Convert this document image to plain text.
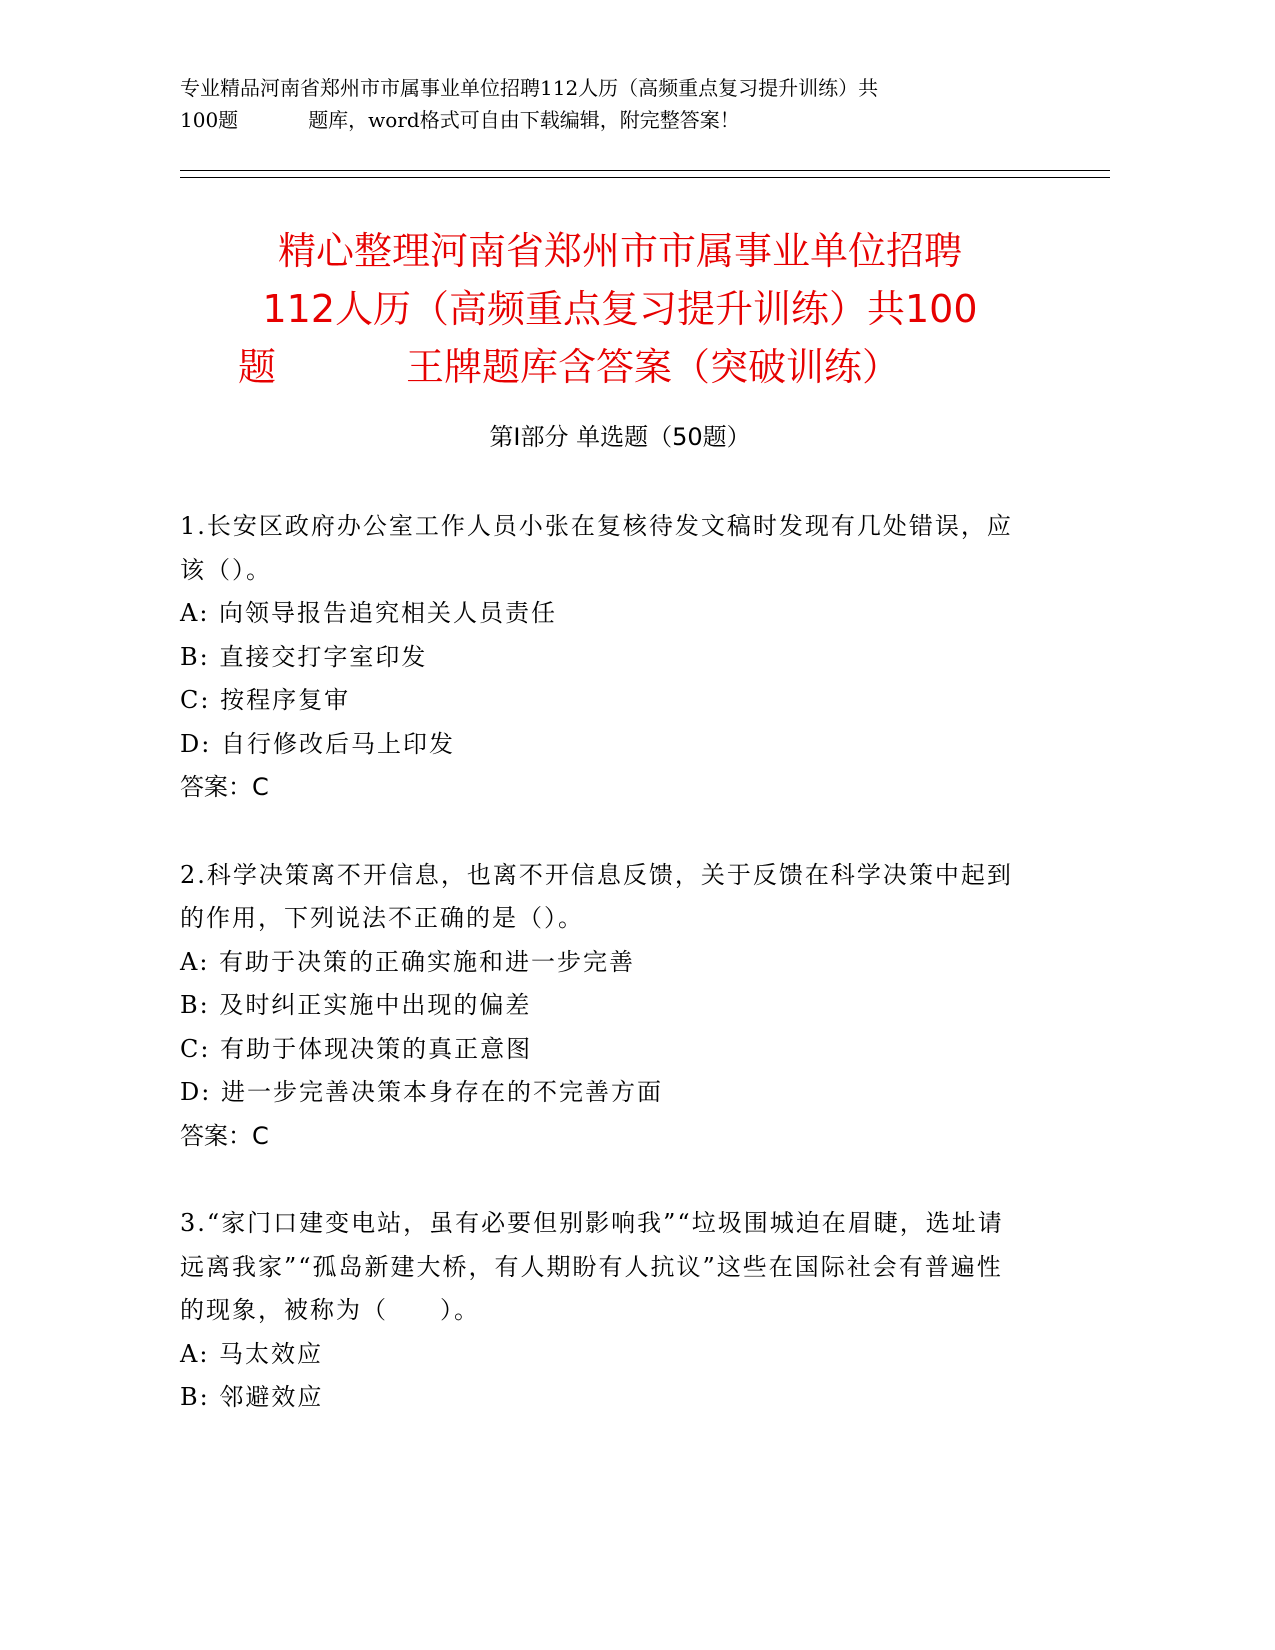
专业精品河南省郑州市市属事业单位招聘112人历（高频重点复习提升训练）共
100题	题库，word格式可自由下载编辑，附完整答案！
精心整理河南省郑州市市属事业单位招聘
112人历（高频重点复习提升训练）共100
题	王牌题库含答案（突破训练）
第Ⅰ部分 单选题（50题）
1.长安区政府办公室工作人员小张在复核待发文稿时发现有几处错误，应该（）。
A: 向领导报告追究相关人员责任
B: 直接交打字室印发
C: 按程序复审
D: 自行修改后马上印发
答案：C
2.科学决策离不开信息，也离不开信息反馈，关于反馈在科学决策中起到的作用，下列说法不正确的是（）。
A: 有助于决策的正确实施和进一步完善
B: 及时纠正实施中出现的偏差
C: 有助于体现决策的真正意图
D: 进一步完善决策本身存在的不完善方面
答案：C
3.“家门口建变电站，虽有必要但别影响我”“垃圾围城迫在眉睫，选址请远离我家”“孤岛新建大桥，有人期盼有人抗议”这些在国际社会有普遍性的现象，被称为（　　）。
A: 马太效应
B: 邻避效应
